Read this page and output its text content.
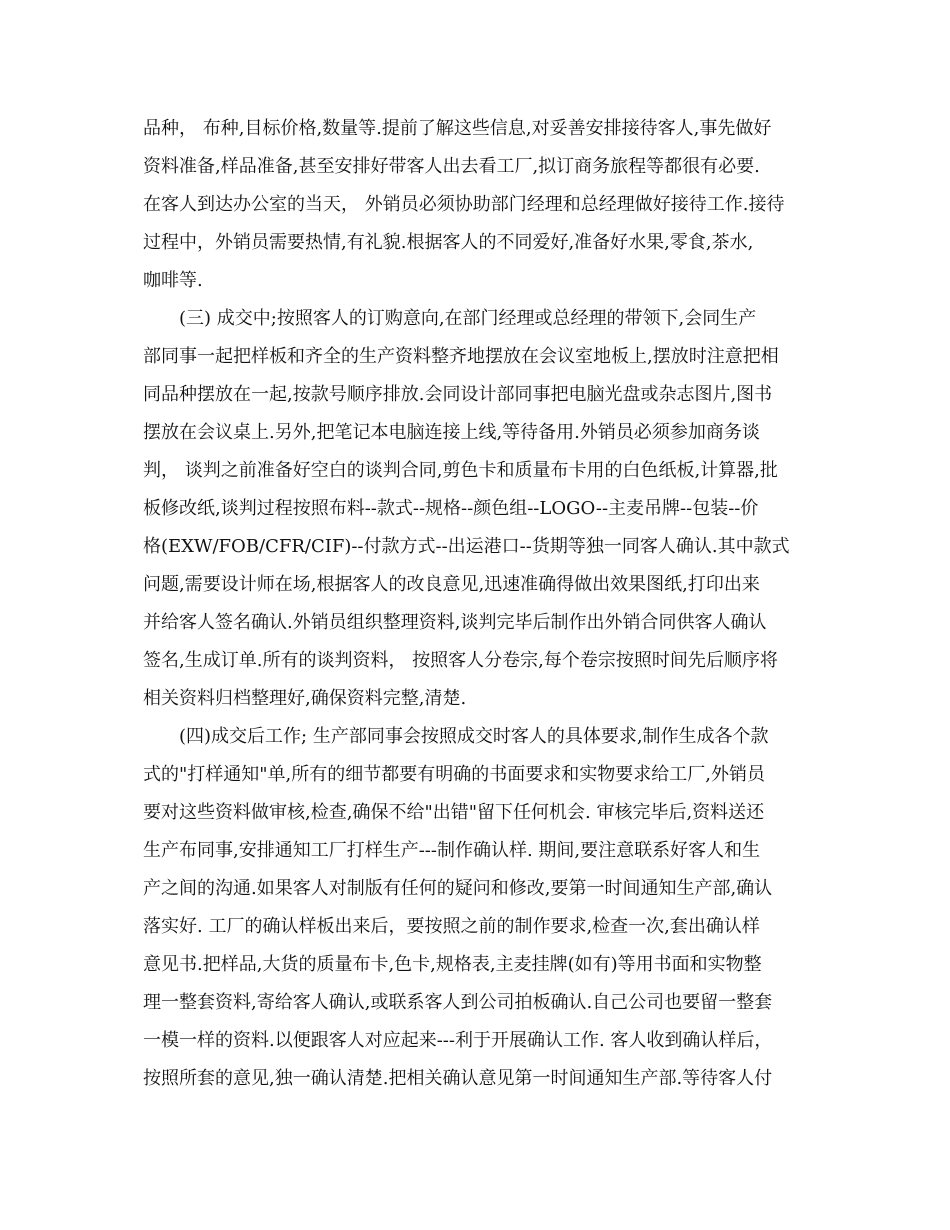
品种， 布种,目标价格,数量等.提前了解这些信息,对妥善安排接待客人,事先做好
资料准备,样品准备,甚至安排好带客人出去看工厂,拟订商务旅程等都很有必要.
在客人到达办公室的当天， 外销员必须协助部门经理和总经理做好接待工作.接待
过程中，外销员需要热情,有礼貌.根据客人的不同爱好,准备好水果,零食,茶水,
咖啡等.
(三) 成交中;按照客人的订购意向,在部门经理或总经理的带领下,会同生产
部同事一起把样板和齐全的生产资料整齐地摆放在会议室地板上,摆放时注意把相
同品种摆放在一起,按款号顺序排放.会同设计部同事把电脑光盘或杂志图片,图书
摆放在会议桌上.另外,把笔记本电脑连接上线,等待备用.外销员必须参加商务谈
判， 谈判之前准备好空白的谈判合同,剪色卡和质量布卡用的白色纸板,计算器,批
板修改纸,谈判过程按照布料--款式--规格--颜色组--LOGO--主麦吊牌--包装--价
格(EXW/FOB/CFR/CIF)--付款方式--出运港口--货期等独一同客人确认.其中款式
问题,需要设计师在场,根据客人的改良意见,迅速准确得做出效果图纸,打印出来
并给客人签名确认.外销员组织整理资料,谈判完毕后制作出外销合同供客人确认
签名,生成订单.所有的谈判资料， 按照客人分卷宗,每个卷宗按照时间先后顺序将
相关资料归档整理好,确保资料完整,清楚.
(四)成交后工作; 生产部同事会按照成交时客人的具体要求,制作生成各个款
式的"打样通知"单,所有的细节都要有明确的书面要求和实物要求给工厂,外销员
要对这些资料做审核,检查,确保不给"出错"留下任何机会. 审核完毕后,资料送还
生产布同事,安排通知工厂打样生产---制作确认样. 期间,要注意联系好客人和生
产之间的沟通.如果客人对制版有任何的疑问和修改,要第一时间通知生产部,确认
落实好. 工厂的确认样板出来后，要按照之前的制作要求,检查一次,套出确认样
意见书.把样品,大货的质量布卡,色卡,规格表,主麦挂牌(如有)等用书面和实物整
理一整套资料,寄给客人确认,或联系客人到公司拍板确认.自己公司也要留一整套
一模一样的资料.以便跟客人对应起来---利于开展确认工作. 客人收到确认样后，
按照所套的意见,独一确认清楚.把相关确认意见第一时间通知生产部.等待客人付
